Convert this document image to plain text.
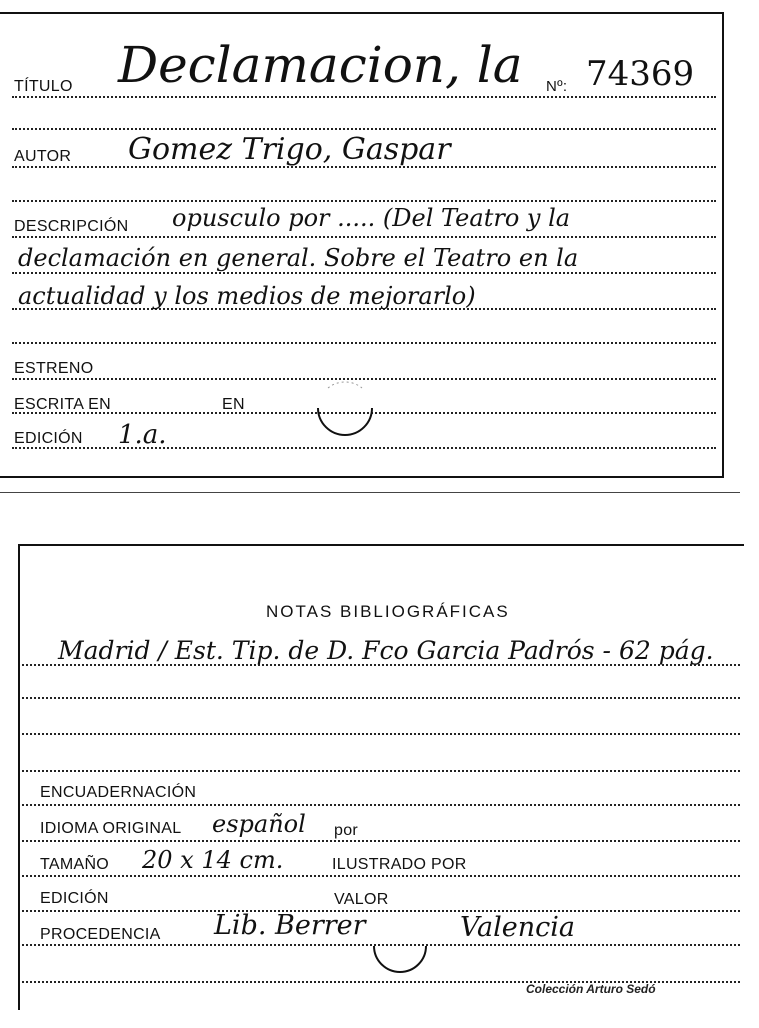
TÍTULO Declamacion, la Nº: 74369
AUTOR Gomez Trigo, Gaspar
DESCRIPCIÓN opusculo por ..... (Del Teatro y la
declamación en general. Sobre el Teatro en la
actualidad y los medios de mejorarlo)
ESTRENO
ESCRITA EN	EN
EDICIÓN 1.a.
NOTAS BIBLIOGRÁFICAS
Madrid / Est. Tip. de D. Fco Garcia Padrós - 62 pág.
ENCUADERNACIÓN
IDIOMA ORIGINAL español por
TAMAÑO 20 x 14 cm.	ILUSTRADO POR
EDICIÓN	VALOR
PROCEDENCIA Lib. Berrer	Valencia
Colección Arturo Sedó
